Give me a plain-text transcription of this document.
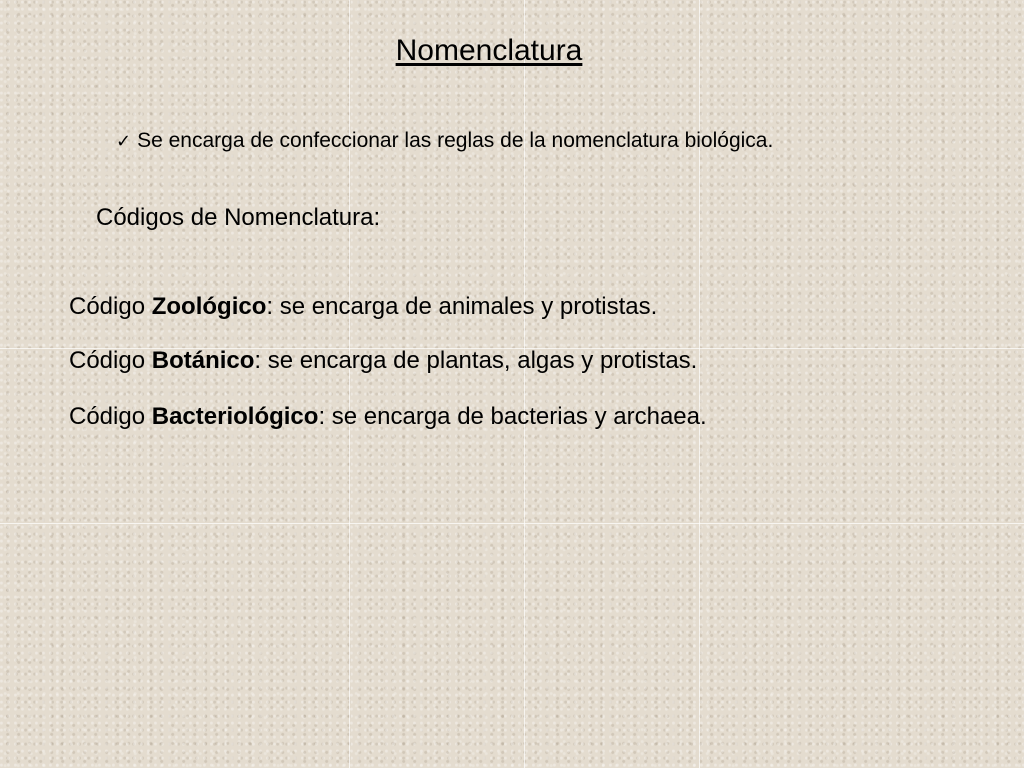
Nomenclatura
✓ Se encarga de confeccionar las reglas de la nomenclatura biológica.
Códigos de Nomenclatura:
Código Zoológico: se encarga de animales y protistas.
Código Botánico: se encarga de plantas, algas y protistas.
Código Bacteriológico: se encarga de bacterias y archaea.
